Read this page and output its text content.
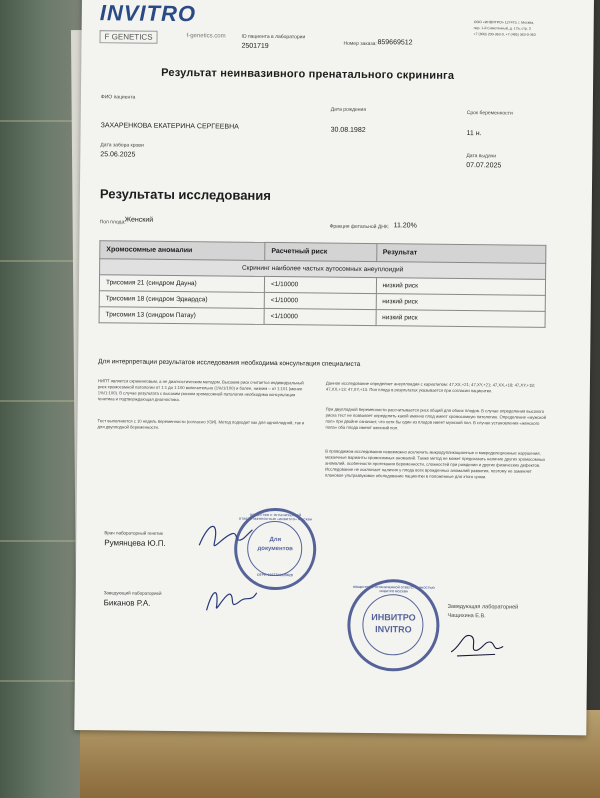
INVITRO
F GENETICS	f-genetics.com	ID пациента в лаборатории
2501719	Номер заказа: 859669512
ООО «ИНВИТРО» 127473, г. Москва,
пер. 1-й Самотечный, д. 17а, стр. 3
+7 (800) 200-363-0, +7 (495) 363-0-363
Результат неинвазивного пренатального скрининга
ФИО пациента
ЗАХАРЕНКОВА ЕКАТЕРИНА СЕРГЕЕВНА
Дата рождения
30.08.1982
Срок беременности
11 н.
Дата забора крови
25.06.2025	Дата выдачи
07.07.2025
Результаты исследования
Пол плода:
Женский
Фракция фетальной ДНК: 11.20%
Хромосомные аномалии	Расчетный риск	Результат
Скрининг наиболее частых аутосомных анеуплоидий		
Трисомия 21 (синдром Дауна)	<1/10000	низкий риск
Трисомия 18 (синдром Эдвардса)	<1/10000	низкий риск
Трисомия 13 (синдром Патау)	<1/10000	низкий риск
Для интерпретации результатов исследования необходима консультация специалиста
НИПТ является скрининговым, а не диагностическим методом. Высоким риск считается индивидуальный риск хромосомной патологии от 1:1 до 1:100 включительно (1%/1/100) и более, низким – от 1:101 (менее 1%/1:100). В случае результата с высоким риском хромосомной патологии необходима консультация генетика и подтверждающая диагностика.
Тест выполняется с 10 недель беременности (согласно УЗИ). Метод подходит как для одноплодной, так и для двуплодной беременности.
Данное исследование определяет анеуплоидии с кариотипом: 47,XX,+21; 47,XY,+21; 47,XX,+18; 47,XY,+18; 47,XX,+13; 47,XY,+13. Пол плода в результатах указывается при согласии пациентки.
При двуплодной беременности рассчитывается риск общий для обоих плодов. В случае определения высокого риска тест не позволяет определить какой именно плод имеет хромосомную патологию. Определение «мужской пол» при двойне означает, что хотя бы один из плодов имеет мужской пол. В случае установления «женского пола» оба плода имеют женский пол.
В проводимом исследовании невозможно исключить микродупликационные и микроделеционные нарушения, мозаичные варианты хромосомных аномалий. Также метод не может предсказать наличие других хромосомных аномалий, особенности протекания беременности, сложностей при рождении и других физических дефектов. Исследование не исключает наличия у плода всех врожденных аномалий развития, поэтому не заменяет плановое ультразвуковое обследование пациентки в положенные для этого сроки.
Врач лабораторный генетик
Румянцева Ю.П.
Заведующий лабораторией
Биканов Р.А.	Заведующая лабораторией
Чащихина Е.В.
Для
документов
ОБЩЕСТВО С ОГРАНИЧЕННОЙ ОТВЕТСТВЕННОСТЬЮ «ИНВИТРО» МОСКВА
ОГРН 1027700125628
ИНВИТРО
INVITRO
ОБЩЕСТВО С ОГРАНИЧЕННОЙ ОТВЕТСТВЕННОСТЬЮ ИНВИТРО МОСКВА
